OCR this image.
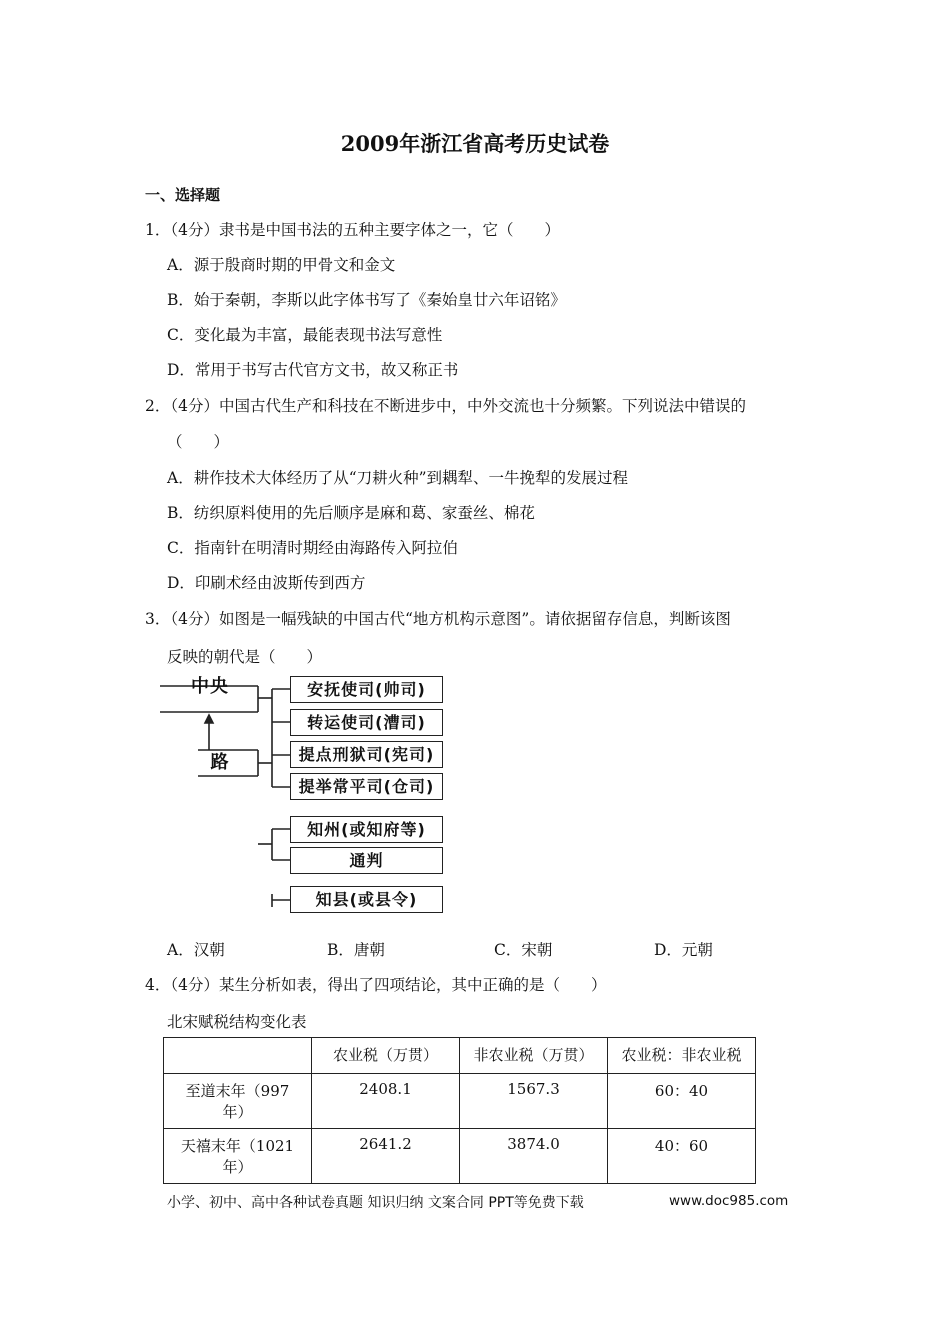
2009年浙江省高考历史试卷
一、选择题
1．（4分）隶书是中国书法的五种主要字体之一，它（　　）
A．源于殷商时期的甲骨文和金文
B．始于秦朝，李斯以此字体书写了《秦始皇廿六年诏铭》
C．变化最为丰富，最能表现书法写意性
D．常用于书写古代官方文书，故又称正书
2．（4分）中国古代生产和科技在不断进步中，中外交流也十分频繁。下列说法中错误的
（　　）
A．耕作技术大体经历了从“刀耕火种”到耦犁、一牛挽犁的发展过程
B．纺织原料使用的先后顺序是麻和葛、家蚕丝、棉花
C．指南针在明清时期经由海路传入阿拉伯
D．印刷术经由波斯传到西方
3．（4分）如图是一幅残缺的中国古代“地方机构示意图”。请依据留存信息，判断该图
反映的朝代是（　　）
中央
路
安抚使司(帅司)
转运使司(漕司)
提点刑狱司(宪司)
提举常平司(仓司)
知州(或知府等)
通判
知县(或县令)
A．汉朝	B．唐朝	C．宋朝	D．元朝
4．（4分）某生分析如表，得出了四项结论，其中正确的是（　　）
北宋赋税结构变化表
	农业税（万贯）	非农业税（万贯）	农业税：非农业税

至道末年（997
年）	2408.1	1567.3	60：40

天禧末年（1021
年）	2641.2	3874.0	40：60
小学、初中、高中各种试卷真题 知识归纳 文案合同 PPT等免费下载	www.doc985.com
